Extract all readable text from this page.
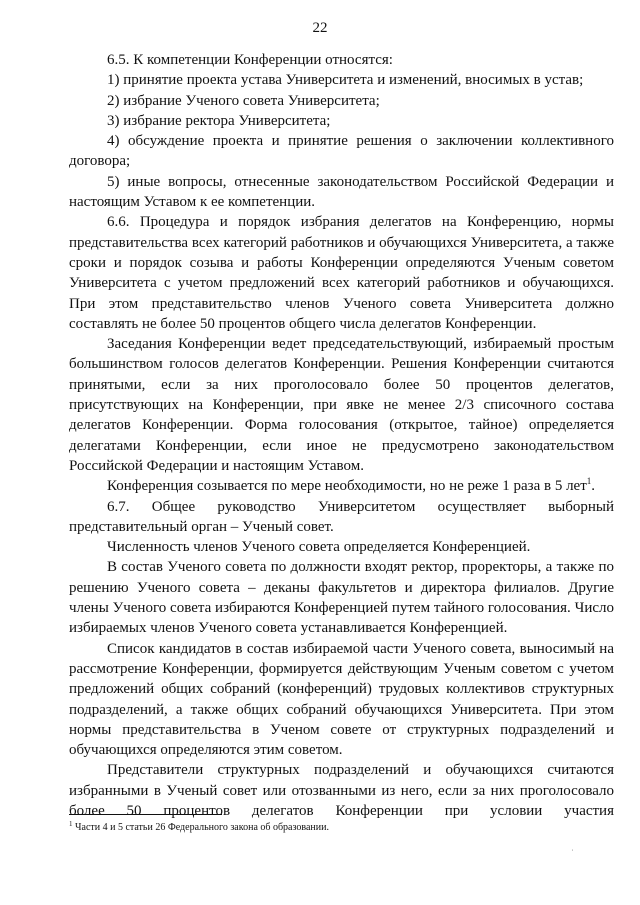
22

6.5. К компетенции Конференции относятся:

1) принятие проекта устава Университета и изменений, вносимых в устав;

2) избрание Ученого совета Университета;

3) избрание ректора Университета;

4) обсуждение проекта и принятие решения о заключении коллективного договора;

5) иные вопросы, отнесенные законодательством Российской Федерации и настоящим Уставом к ее компетенции.

6.6. Процедура и порядок избрания делегатов на Конференцию, нормы представительства всех категорий работников и обучающихся Университета, а также сроки и порядок созыва и работы Конференции определяются Ученым советом Университета с учетом предложений всех категорий работников и обучающихся. При этом представительство членов Ученого совета Университета должно составлять не более 50 процентов общего числа делегатов Конференции.

Заседания Конференции ведет председательствующий, избираемый простым большинством голосов делегатов Конференции. Решения Конференции считаются принятыми, если за них проголосовало более 50 процентов делегатов, присутствующих на Конференции, при явке не менее 2/3 списочного состава делегатов Конференции. Форма голосования (открытое, тайное) определяется делегатами Конференции, если иное не предусмотрено законодательством Российской Федерации и настоящим Уставом.

Конференция созывается по мере необходимости, но не реже 1 раза в 5 лет$^1$.

6.7. Общее руководство Университетом осуществляет выборный представительный орган – Ученый совет.

Численность членов Ученого совета определяется Конференцией.

В состав Ученого совета по должности входят ректор, проректоры, а также по решению Ученого совета – деканы факультетов и директора филиалов. Другие члены Ученого совета избираются Конференцией путем тайного голосования. Число избираемых членов Ученого совета устанавливается Конференцией.

Список кандидатов в состав избираемой части Ученого совета, выносимый на рассмотрение Конференции, формируется действующим Ученым советом с учетом предложений общих собраний (конференций) трудовых коллективов структурных подразделений, а также общих собраний обучающихся Университета. При этом нормы представительства в Ученом совете от структурных подразделений и обучающихся определяются этим советом.

Представители структурных подразделений и обучающихся считаются избранными в Ученый совет или отозванными из него, если за них проголосовало более 50 процентов делегатов Конференции при условии участия

$^1$ Части 4 и 5 статьи 26 Федерального закона об образовании.
˙
